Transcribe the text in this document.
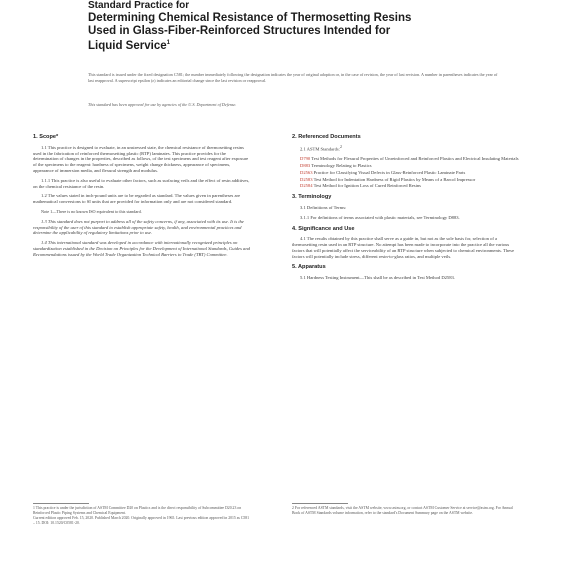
Standard Practice for
Determining Chemical Resistance of Thermosetting Resins
Used in Glass-Fiber-Reinforced Structures Intended for
Liquid Service$^1$
This standard is issued under the fixed designation C581; the number immediately following the designation indicates the year of original adoption or, in the case of revision, the year of last revision. A number in parentheses indicates the year of last reapproval. A superscript epsilon (ε) indicates an editorial change since the last revision or reapproval.
This standard has been approved for use by agencies of the U.S. Department of Defense.
1. Scope*

1.1 This practice is designed to evaluate, in an unstressed state, the chemical resistance of thermosetting resins used in the fabrication of reinforced thermosetting plastic (RTP) laminates. This practice provides for the determination of changes in the properties, described as follows, of the test specimens and test reagent after exposure of the specimens to the reagent: hardness of specimens, weight change thickness, appearance of specimens, appearance of immersion media, and flexural strength and modulus.

1.1.1 This practice is also useful to evaluate other factors, such as surfacing veils and the effect of resin additives, on the chemical resistance of the resin.

1.2 The values stated in inch-pound units are to be regarded as standard. The values given in parentheses are mathematical conversions to SI units that are provided for information only and are not considered standard.

Note 1—There is no known ISO equivalent to this standard.

1.3 This standard does not purport to address all of the safety concerns, if any, associated with its use. It is the responsibility of the user of this standard to establish appropriate safety, health, and environmental practices and determine the applicability of regulatory limitations prior to use.

1.4 This international standard was developed in accordance with internationally recognized principles on standardization established in the Decision on Principles for the Development of International Standards, Guides and Recommendations issued by the World Trade Organization Technical Barriers to Trade (TBT) Committee.

2. Referenced Documents

2.1 ASTM Standards:$^2$

D790 Test Methods for Flexural Properties of Unreinforced and Reinforced Plastics and Electrical Insulating Materials

D883 Terminology Relating to Plastics

D2563 Practice for Classifying Visual Defects in Glass-Reinforced Plastic Laminate Parts

D2583 Test Method for Indentation Hardness of Rigid Plastics by Means of a Barcol Impressor

D2584 Test Method for Ignition Loss of Cured Reinforced Resins

3. Terminology

3.1 Definitions of Terms:

3.1.1 For definitions of terms associated with plastic materials, see Terminology D883.

4. Significance and Use

4.1 The results obtained by this practice shall serve as a guide in, but not as the sole basis for, selection of a thermosetting resin used in an RTP structure. No attempt has been made to incorporate into the practice all the various factors that will potentially affect the serviceability of an RTP structure when subjected to chemical environments. These factors will potentially include stress, different resin-to-glass ratios, and multiple veils.

5. Apparatus

5.1 Hardness Testing Instrument—This shall be as described in Test Method D2583.

1 This practice is under the jurisdiction of ASTM Committee D20 on Plastics and is the direct responsibility of Subcommittee D20.23 on Reinforced Plastic Piping Systems and Chemical Equipment.
Current edition approved Feb. 15, 2020. Published March 2020. Originally approved in 1965. Last previous edition approved in 2015 as C581 – 15. DOI: 10.1520/C0581-20.
2 For referenced ASTM standards, visit the ASTM website, www.astm.org, or contact ASTM Customer Service at service@astm.org. For Annual Book of ASTM Standards volume information, refer to the standard's Document Summary page on the ASTM website.
